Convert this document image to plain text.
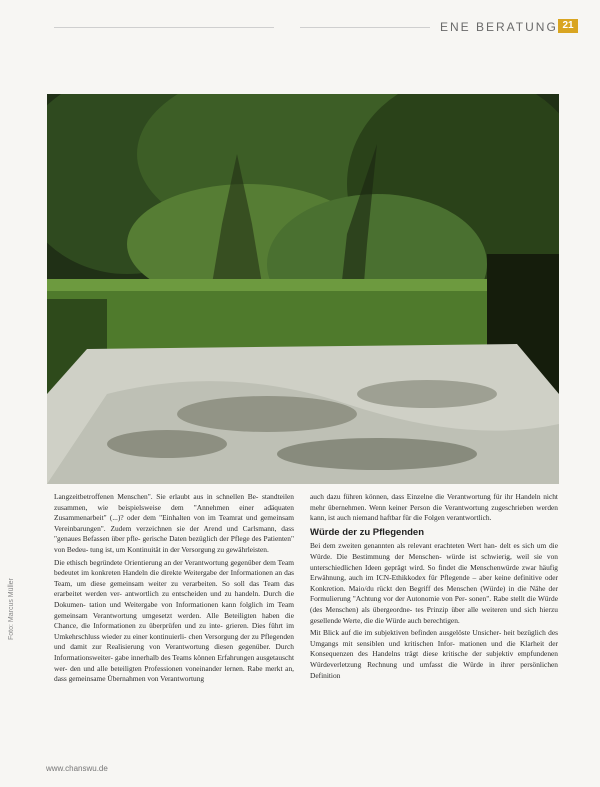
ENE BERATUNG 21

Langzeitbetroffenen Menschen". Sie erlaubt aus in schnellen Be- standteilen zusammen, wie beispielsweise dem "Annehmen einer adäquaten Zusammenarbeit" (...)? oder dem "Einhalten von im Teamrat und gemeinsam Vereinbarungen". Zudem verzeichnen sie der Arend und Carlsmann, dass "genaues Befassen über pfle- gerische Daten bezüglich der Pflege des Patienten" von Bedeu- tung ist, um Kontinuität in der Versorgung zu gewährleisten.

Die ethisch begründete Orientierung an der Verantwortung gegenüber dem Team bedeutet im konkreten Handeln die direkte Weitergabe der Informationen an das Team, um diese gemeinsam weiter zu verarbeiten. So soll das Team das erarbeitet werden ver- antwortlich zu entscheiden und zu handeln. Durch die Dokumen- tation und Weitergabe von Informationen kann folglich im Team gemeinsam Verantwortung umgesetzt werden. Alle Beteiligten haben die Chance, die Informationen zu überprüfen und zu inte- grieren. Dies führt im Umkehrschluss wieder zu einer kontinuierli- chen Versorgung der zu Pflegenden und damit zur Realisierung von Verantwortung diesen gegenüber. Durch Informationsweiter- gabe innerhalb des Teams können Erfahrungen ausgetauscht wer- den und alle beteiligten Professionen voneinander lernen. Rabe merkt an, dass gemeinsame Übernahmen von Verantwortung

auch dazu führen können, dass Einzelne die Verantwortung für ihr Handeln nicht mehr übernehmen. Wenn keiner Person die Verantwortung zugeschrieben werden kann, ist auch niemand haftbar für die Folgen verantwortlich.

Würde der zu Pflegenden

Bei dem zweiten genannten als relevant erachteten Wert han- delt es sich um die Würde. Die Bestimmung der Menschen- würde ist schwierig, weil sie von unterschiedlichen Ideen geprägt wird. So findet die Menschenwürde zwar häufig Erwähnung, auch im ICN-Ethikkodex für Pflegende – aber keine definitive oder Konkretion. Maio/du rückt den Begriff des Menschen (Würde) in die Nähe der Formulierung "Achtung vor der Autonomie von Per- sonen". Rabe stellt die Würde (des Menschen) als übergeordne- tes Prinzip über alle weiteren und sich hierzu gesellende Werte, die die Würde auch berechtigen.

Mit Blick auf die im subjektiven befinden ausgelöste Unsicher- heit bezüglich des Umgangs mit sensiblen und kritischen Infor- mationen und die Klarheit der Konsequenzen des Handelns trägt diese kritische der subjektiv empfundenen Würdeverletzung Rechnung und umfasst die Würde in ihrer persönlichen Definition

Foto: Marcus Müller
www.chanswu.de
